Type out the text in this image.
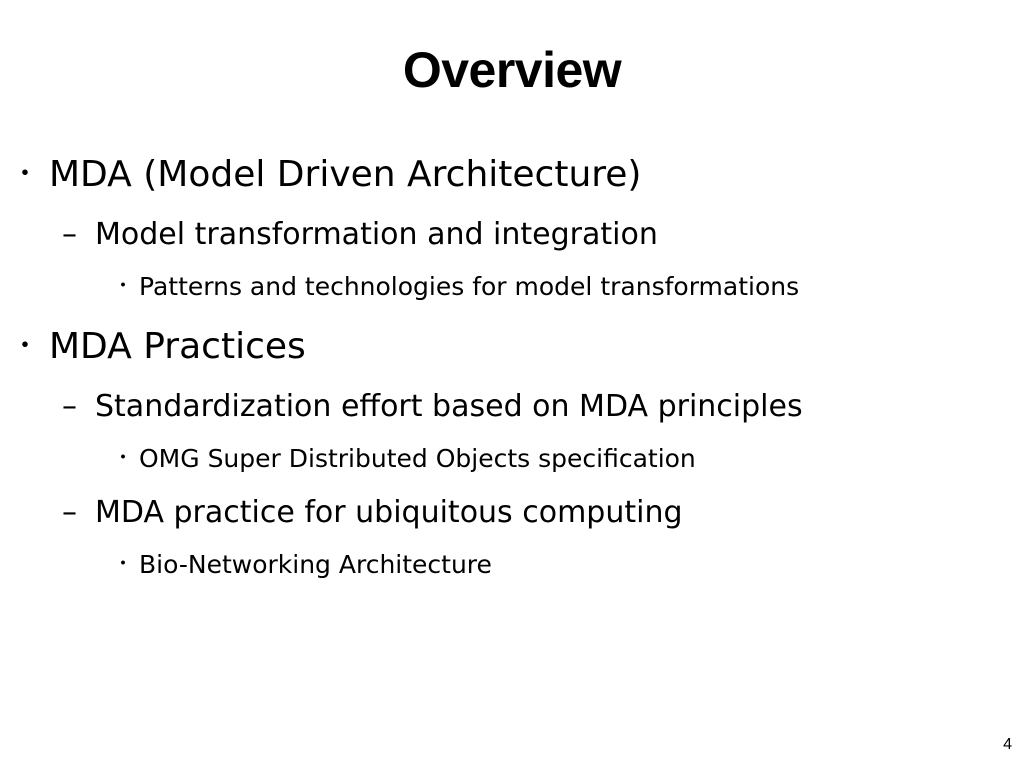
Overview
・ MDA (Model Driven Architecture)
– Model transformation and integration
・ Patterns and technologies for model transformations
・ MDA Practices
– Standardization effort based on MDA principles
・ OMG Super Distributed Objects specification
– MDA practice for ubiquitous computing
・ Bio-Networking Architecture
4
